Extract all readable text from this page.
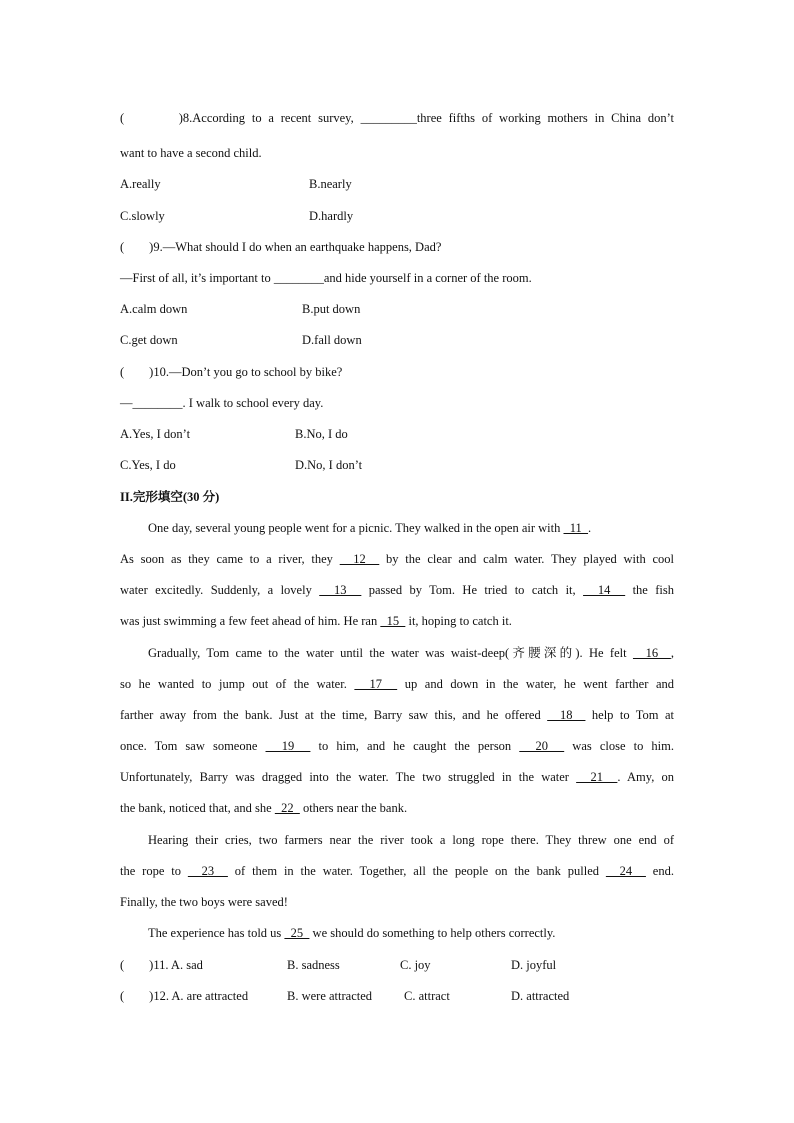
(        )8.According to a recent survey, _________three fifths of working mothers in China don’t
want to have a second child.
A.really	B.nearly
C.slowly	D.hardly
(        )9.—What should I do when an earthquake happens, Dad?
—First of all, it’s important to ________and hide yourself in a corner of the room.
A.calm down	B.put down
C.get down	D.fall down
(        )10.—Don’t you go to school by bike?
—________. I walk to school every day.
A.Yes, I don’t	B.No, I do
C.Yes, I do	D.No, I don’t
II.完形填空(30 分)
One day, several young people went for a picnic. They walked in the open air with   11  .
As soon as they came to a river, they   12   by the clear and calm water. They played with cool
water excitedly. Suddenly, a lovely   13   passed by Tom. He tried to catch it,   14   the fish
was just swimming a few feet ahead of him. He ran   15   it, hoping to catch it.
Gradually, Tom came to the water until the water was waist-deep(齐腰深的). He felt   16  ,
so he wanted to jump out of the water.   17   up and down in the water, he went farther and
farther away from the bank. Just at the time, Barry saw this, and he offered   18   help to Tom at
once. Tom saw someone   19   to him, and he caught the person   20   was close to him.
Unfortunately, Barry was dragged into the water. The two struggled in the water   21  . Amy, on
the bank, noticed that, and she   22   others near the bank.
Hearing their cries, two farmers near the river took a long rope there. They threw one end of
the rope to   23   of them in the water. Together, all the people on the bank pulled   24   end.
Finally, the two boys were saved!
The experience has told us   25   we should do something to help others correctly.
(        )11. A. sad	B. sadness	C. joy	D. joyful
(        )12. A. are attracted	B. were attracted	C. attract	D. attracted
